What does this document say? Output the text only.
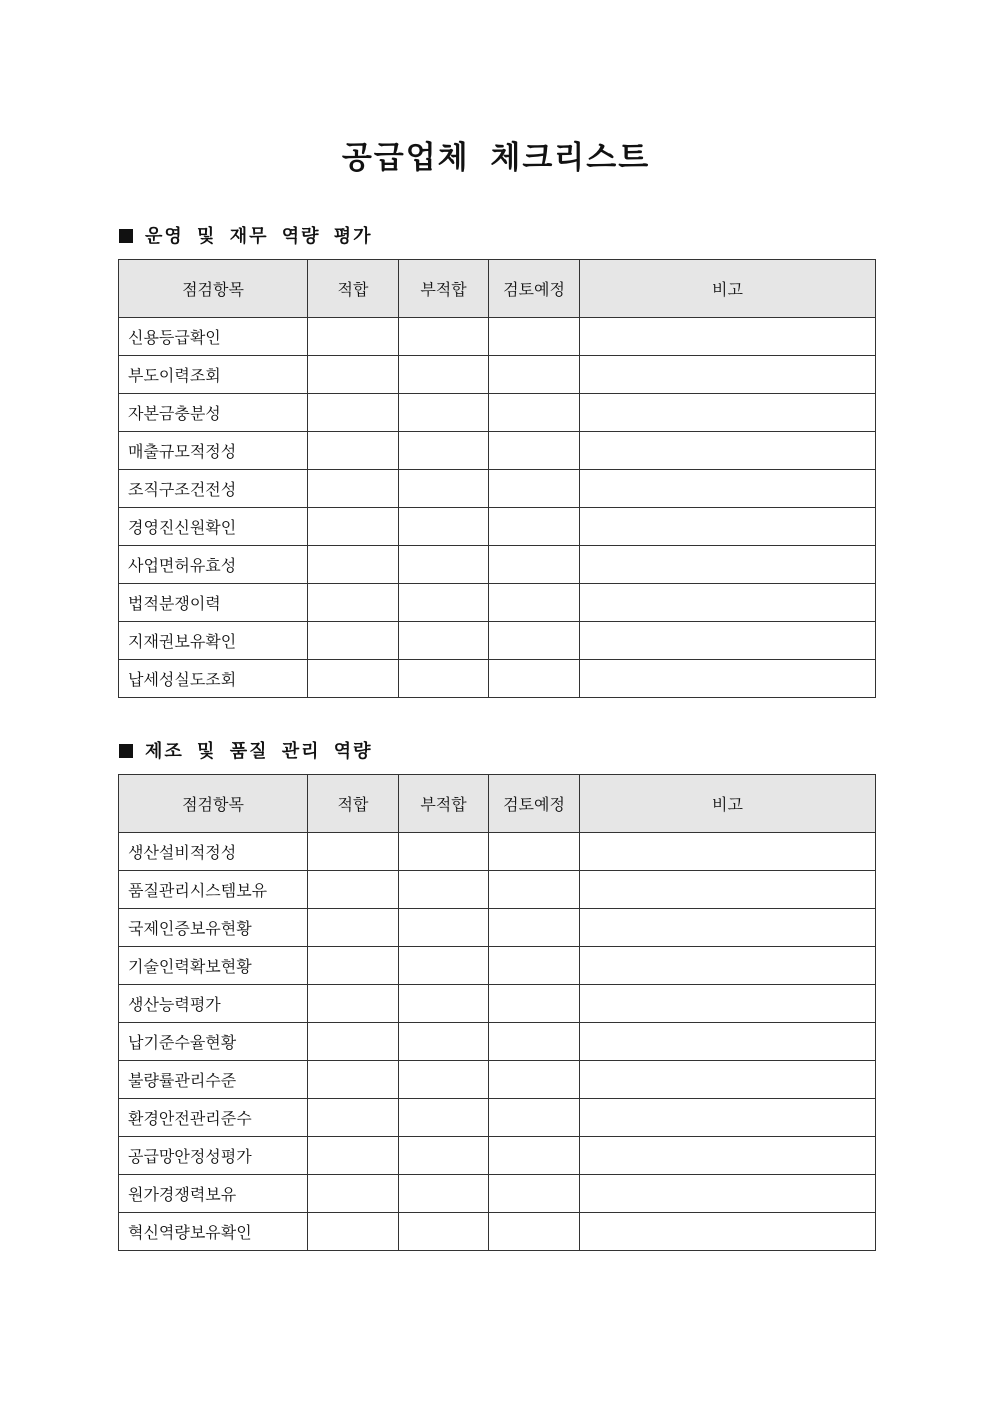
공급업체 체크리스트
운영 및 재무 역량 평가
점검항목	적합	부적합	검토예정	비고
신용등급확인				
부도이력조회				
자본금충분성				
매출규모적정성				
조직구조건전성				
경영진신원확인				
사업면허유효성				
법적분쟁이력				
지재권보유확인				
납세성실도조회				
제조 및 품질 관리 역량
점검항목	적합	부적합	검토예정	비고
생산설비적정성				
품질관리시스템보유				
국제인증보유현황				
기술인력확보현황				
생산능력평가				
납기준수율현황				
불량률관리수준				
환경안전관리준수				
공급망안정성평가				
원가경쟁력보유				
혁신역량보유확인				
